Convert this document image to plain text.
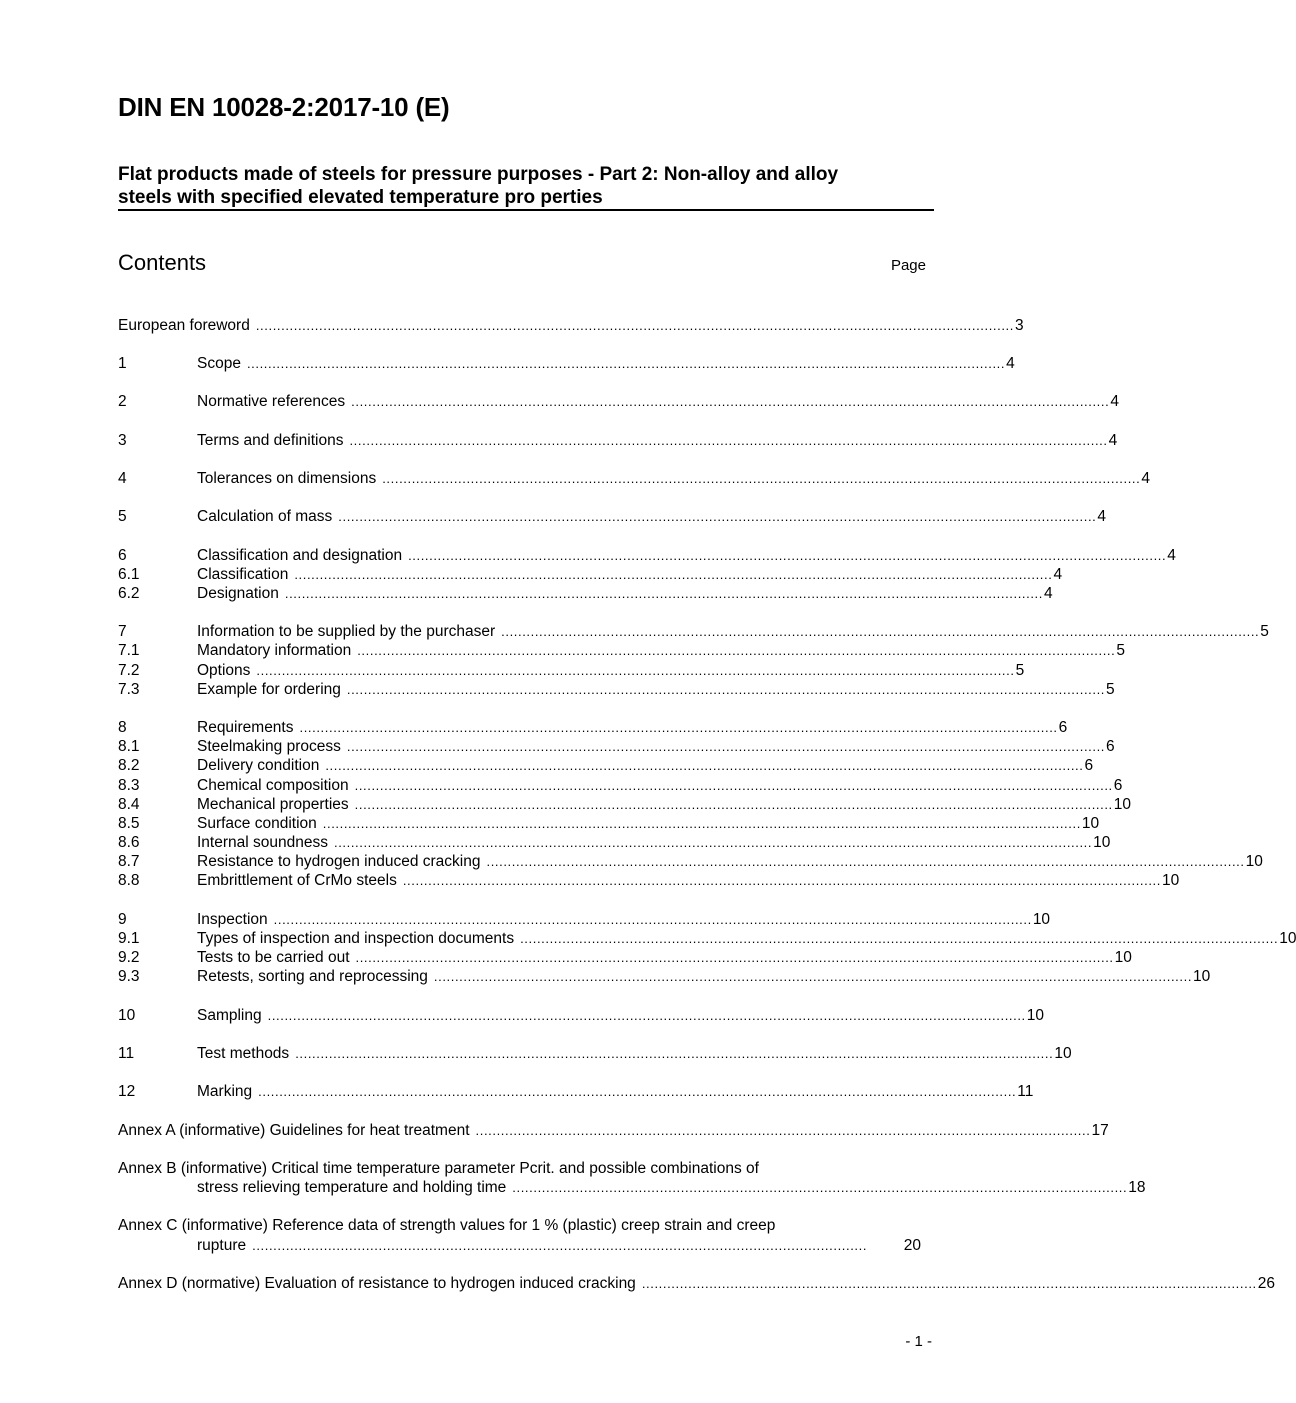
DIN EN 10028-2:2017-10 (E)
Flat products made of steels for pressure purposes - Part 2: Non-alloy and alloy
steels with specified elevated temperature pro perties
Contents	Page
European foreword .................................................................................................................................................................................... 3
1	Scope .................................................................................................................................................................................... 4
2	Normative references .................................................................................................................................................................................... 4
3	Terms and definitions .................................................................................................................................................................................... 4
4	Tolerances on dimensions .................................................................................................................................................................................... 4
5	Calculation of mass .................................................................................................................................................................................... 4
6	Classification and designation .................................................................................................................................................................................... 4
6.1	Classification .................................................................................................................................................................................... 4
6.2	Designation .................................................................................................................................................................................... 4
7	Information to be supplied by the purchaser .................................................................................................................................................................................... 5
7.1	Mandatory information .................................................................................................................................................................................... 5
7.2	Options .................................................................................................................................................................................... 5
7.3	Example for ordering .................................................................................................................................................................................... 5
8	Requirements .................................................................................................................................................................................... 6
8.1	Steelmaking process .................................................................................................................................................................................... 6
8.2	Delivery condition .................................................................................................................................................................................... 6
8.3	Chemical composition .................................................................................................................................................................................... 6
8.4	Mechanical properties .................................................................................................................................................................................... 10
8.5	Surface condition .................................................................................................................................................................................... 10
8.6	Internal soundness .................................................................................................................................................................................... 10
8.7	Resistance to hydrogen induced cracking .................................................................................................................................................................................... 10
8.8	Embrittlement of CrMo steels .................................................................................................................................................................................... 10
9	Inspection .................................................................................................................................................................................... 10
9.1	Types of inspection and inspection documents .................................................................................................................................................................................... 10
9.2	Tests to be carried out .................................................................................................................................................................................... 10
9.3	Retests, sorting and reprocessing .................................................................................................................................................................................... 10
10	Sampling .................................................................................................................................................................................... 10
11	Test methods .................................................................................................................................................................................... 10
12	Marking .................................................................................................................................................................................... 11
Annex A (informative) Guidelines for heat treatment .................................................................................................................................................. 17
Annex B (informative) Critical time temperature parameter Pcrit. and possible combinations of
stress relieving temperature and holding time .................................................................................................................................................. 18
Annex C (informative) Reference data of strength values for 1 % (plastic) creep strain and creep
rupture ..................................................................................................................................................	20
Annex D (normative) Evaluation of resistance to hydrogen induced cracking .................................................................................................................................................. 26
- 1 -
